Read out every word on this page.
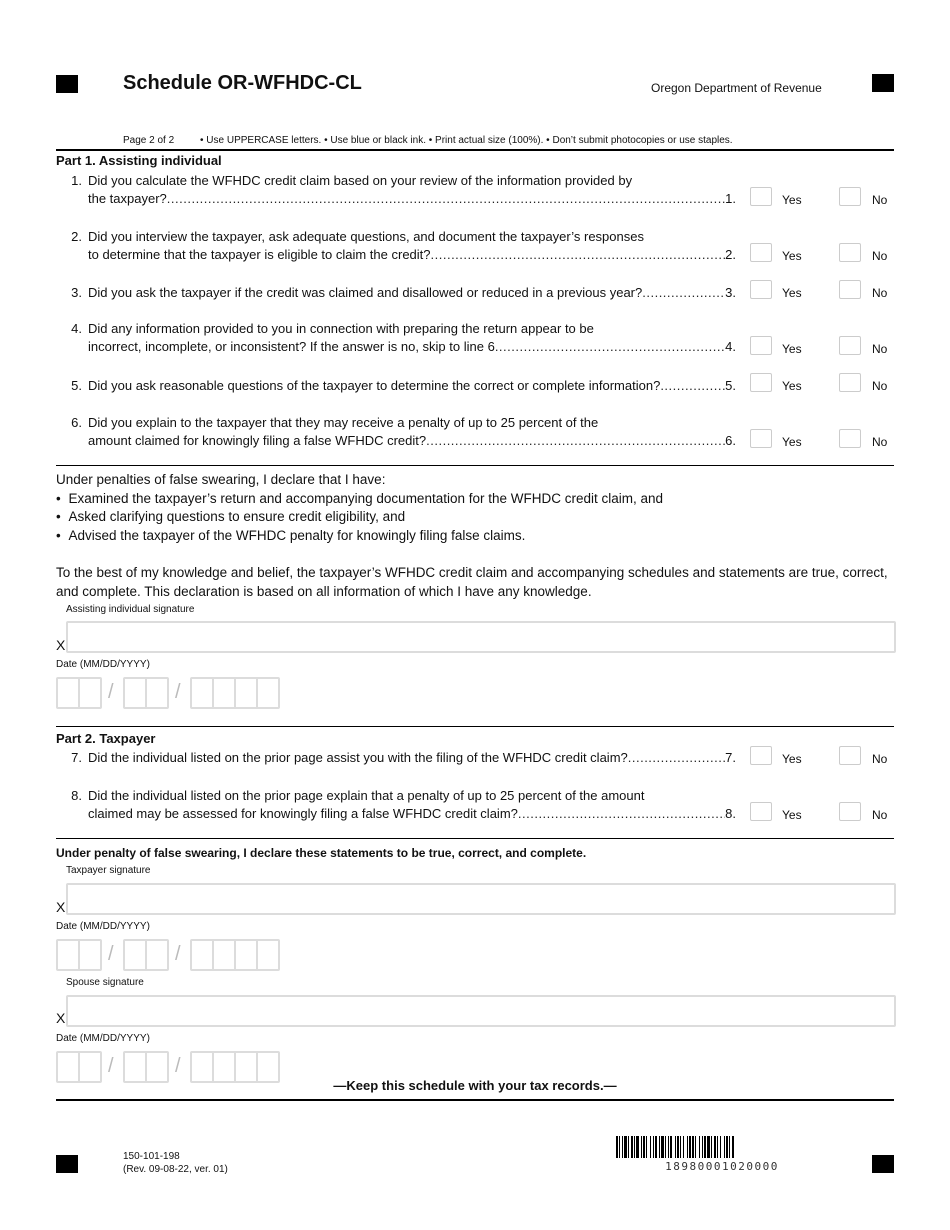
Schedule OR-WFHDC-CL	Oregon Department of Revenue
Page 2 of 2	• Use UPPERCASE letters. • Use blue or black ink. • Print actual size (100%). • Don’t submit photocopies or use staples.
Part 1. Assisting individual
1. Did you calculate the WFHDC credit claim based on your review of the information provided by
the taxpayer? .....	1.	Yes	No
2. Did you interview the taxpayer, ask adequate questions, and document the taxpayer’s responses
to determine that the taxpayer is eligible to claim the credit? .....	2.	Yes	No
3. Did you ask the taxpayer if the credit was claimed and disallowed or reduced in a previous year? .....	3.	Yes	No
4. Did any information provided to you in connection with preparing the return appear to be
incorrect, incomplete, or inconsistent? If the answer is no, skip to line 6 .....	4.	Yes	No
5. Did you ask reasonable questions of the taxpayer to determine the correct or complete information? .....	5.	Yes	No
6. Did you explain to the taxpayer that they may receive a penalty of up to 25 percent of the
amount claimed for knowingly filing a false WFHDC credit? .....	6.	Yes	No
Under penalties of false swearing, I declare that I have:
• Examined the taxpayer’s return and accompanying documentation for the WFHDC credit claim, and
• Asked clarifying questions to ensure credit eligibility, and
• Advised the taxpayer of the WFHDC penalty for knowingly filing false claims.
To the best of my knowledge and belief, the taxpayer’s WFHDC credit claim and accompanying schedules and statements are true, correct, and complete. This declaration is based on all information of which I have any knowledge.
Assisting individual signature
X
Date (MM/DD/YYYY)
/	/
Part 2. Taxpayer
7. Did the individual listed on the prior page assist you with the filing of the WFHDC credit claim? .....	7.	Yes	No
8. Did the individual listed on the prior page explain that a penalty of up to 25 percent of the amount
claimed may be assessed for knowingly filing a false WFHDC credit claim? .....	8.	Yes	No
Under penalty of false swearing, I declare these statements to be true, correct, and complete.
Taxpayer signature
X
Date (MM/DD/YYYY)
/	/
Spouse signature
X
Date (MM/DD/YYYY)
/	/
—Keep this schedule with your tax records.—
150-101-198
(Rev. 09-08-22, ver. 01)	18980001020000
